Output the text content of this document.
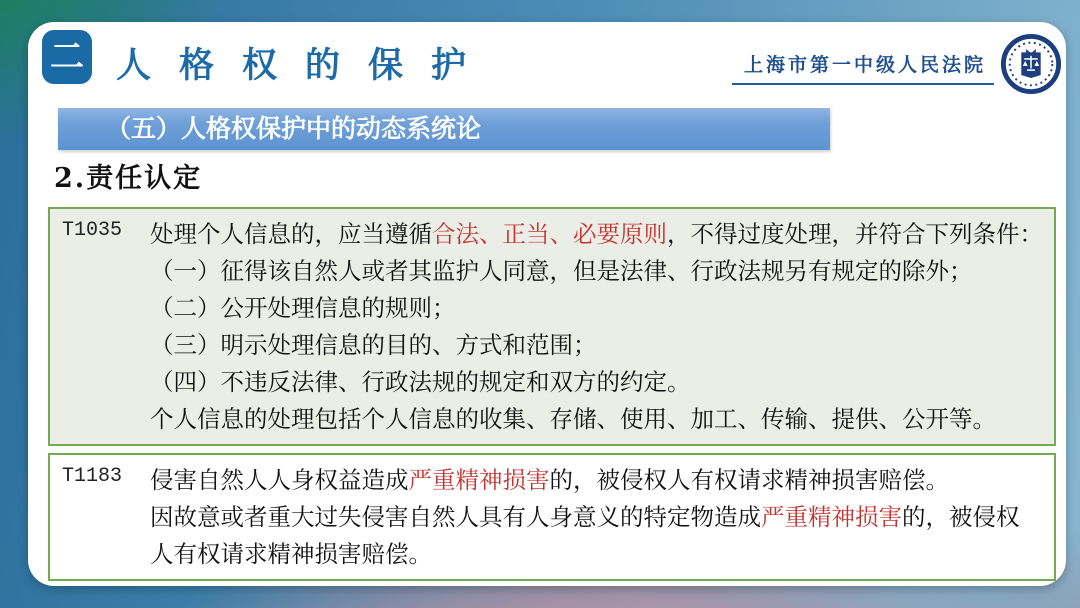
二 人格权的保护	上海市第一中级人民法院
（五）人格权保护中的动态系统论
2.责任认定
T1035	处理个人信息的，应当遵循合法、正当、必要原则，不得过度处理，并符合下列条件：
（一）征得该自然人或者其监护人同意，但是法律、行政法规另有规定的除外；
（二）公开处理信息的规则；
（三）明示处理信息的目的、方式和范围；
（四）不违反法律、行政法规的规定和双方的约定。
个人信息的处理包括个人信息的收集、存储、使用、加工、传输、提供、公开等。
T1183	侵害自然人人身权益造成严重精神损害的，被侵权人有权请求精神损害赔偿。
因故意或者重大过失侵害自然人具有人身意义的特定物造成严重精神损害的，被侵权
人有权请求精神损害赔偿。
